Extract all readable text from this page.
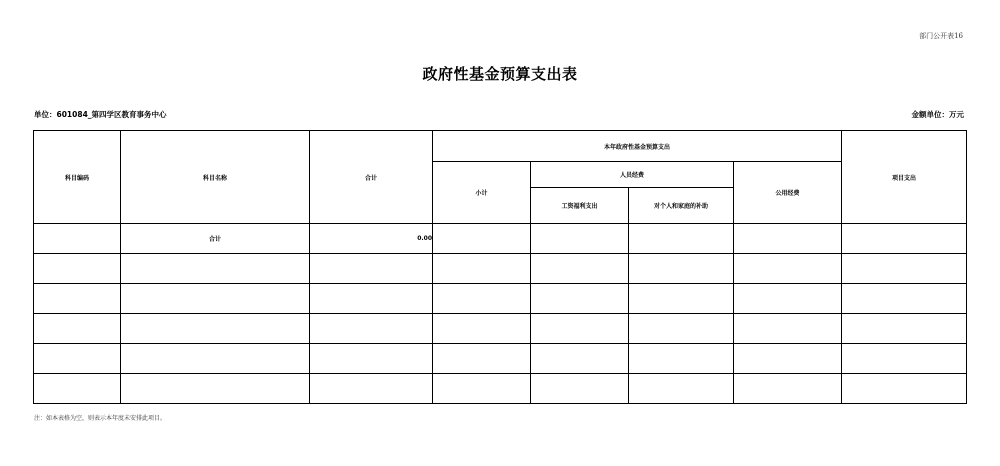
部门公开表16
政府性基金预算支出表
单位：601084_第四学区教育事务中心	金额单位：万元
科目编码	科目名称	合计	本年政府性基金预算支出				项目支出
			小计	人员经费		公用经费	
				工资福利支出	对个人和家庭的补助		
	合计	0.00					

注：如本表格为空，则表示本年度未安排此项目。
